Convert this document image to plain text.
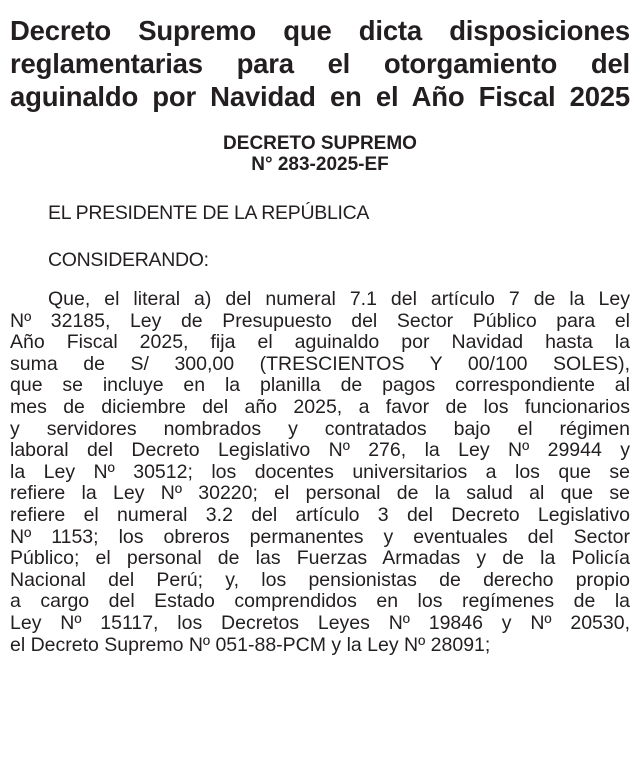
Decreto Supremo que dicta disposiciones
reglamentarias para el otorgamiento del
aguinaldo por Navidad en el Año Fiscal 2025
DECRETO SUPREMO
N° 283-2025-EF

EL PRESIDENTE DE LA REPÚBLICA

CONSIDERANDO:

Que, el literal a) del numeral 7.1 del artículo 7 de la Ley
Nº 32185, Ley de Presupuesto del Sector Público para el
Año Fiscal 2025, fija el aguinaldo por Navidad hasta la
suma de S/ 300,00 (TRESCIENTOS Y 00/100 SOLES),
que se incluye en la planilla de pagos correspondiente al
mes de diciembre del año 2025, a favor de los funcionarios
y servidores nombrados y contratados bajo el régimen
laboral del Decreto Legislativo Nº 276, la Ley Nº 29944 y
la Ley Nº 30512; los docentes universitarios a los que se
refiere la Ley Nº 30220; el personal de la salud al que se
refiere el numeral 3.2 del artículo 3 del Decreto Legislativo
Nº 1153; los obreros permanentes y eventuales del Sector
Público; el personal de las Fuerzas Armadas y de la Policía
Nacional del Perú; y, los pensionistas de derecho propio
a cargo del Estado comprendidos en los regímenes de la
Ley Nº 15117, los Decretos Leyes Nº 19846 y Nº 20530,
el Decreto Supremo Nº 051-88-PCM y la Ley Nº 28091;
